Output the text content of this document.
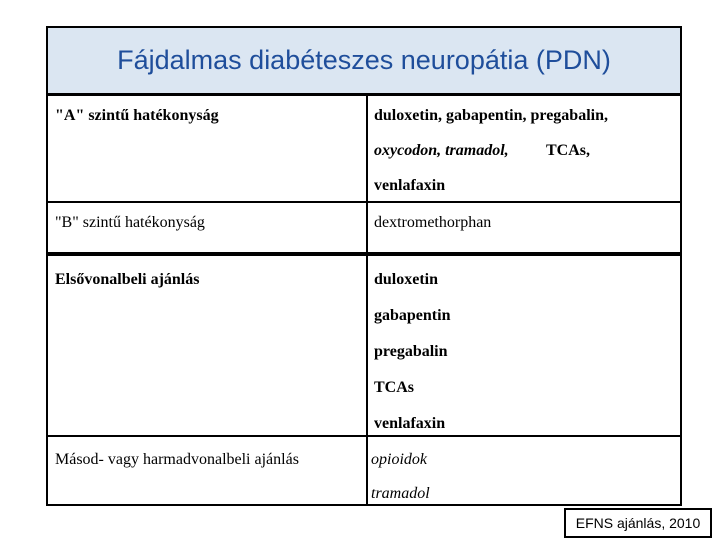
Fájdalmas diabéteszes neuropátia (PDN)
"A" szintű hatékonyság	duloxetin, gabapentin, pregabalin,
oxycodon, tramadol, TCAs,
venlafaxin
"B" szintű hatékonyság	dextromethorphan
Elsővonalbeli ajánlás	duloxetin
gabapentin
pregabalin
TCAs
venlafaxin
Másod- vagy harmadvonalbeli ajánlás	opioidok
tramadol
EFNS ajánlás, 2010
